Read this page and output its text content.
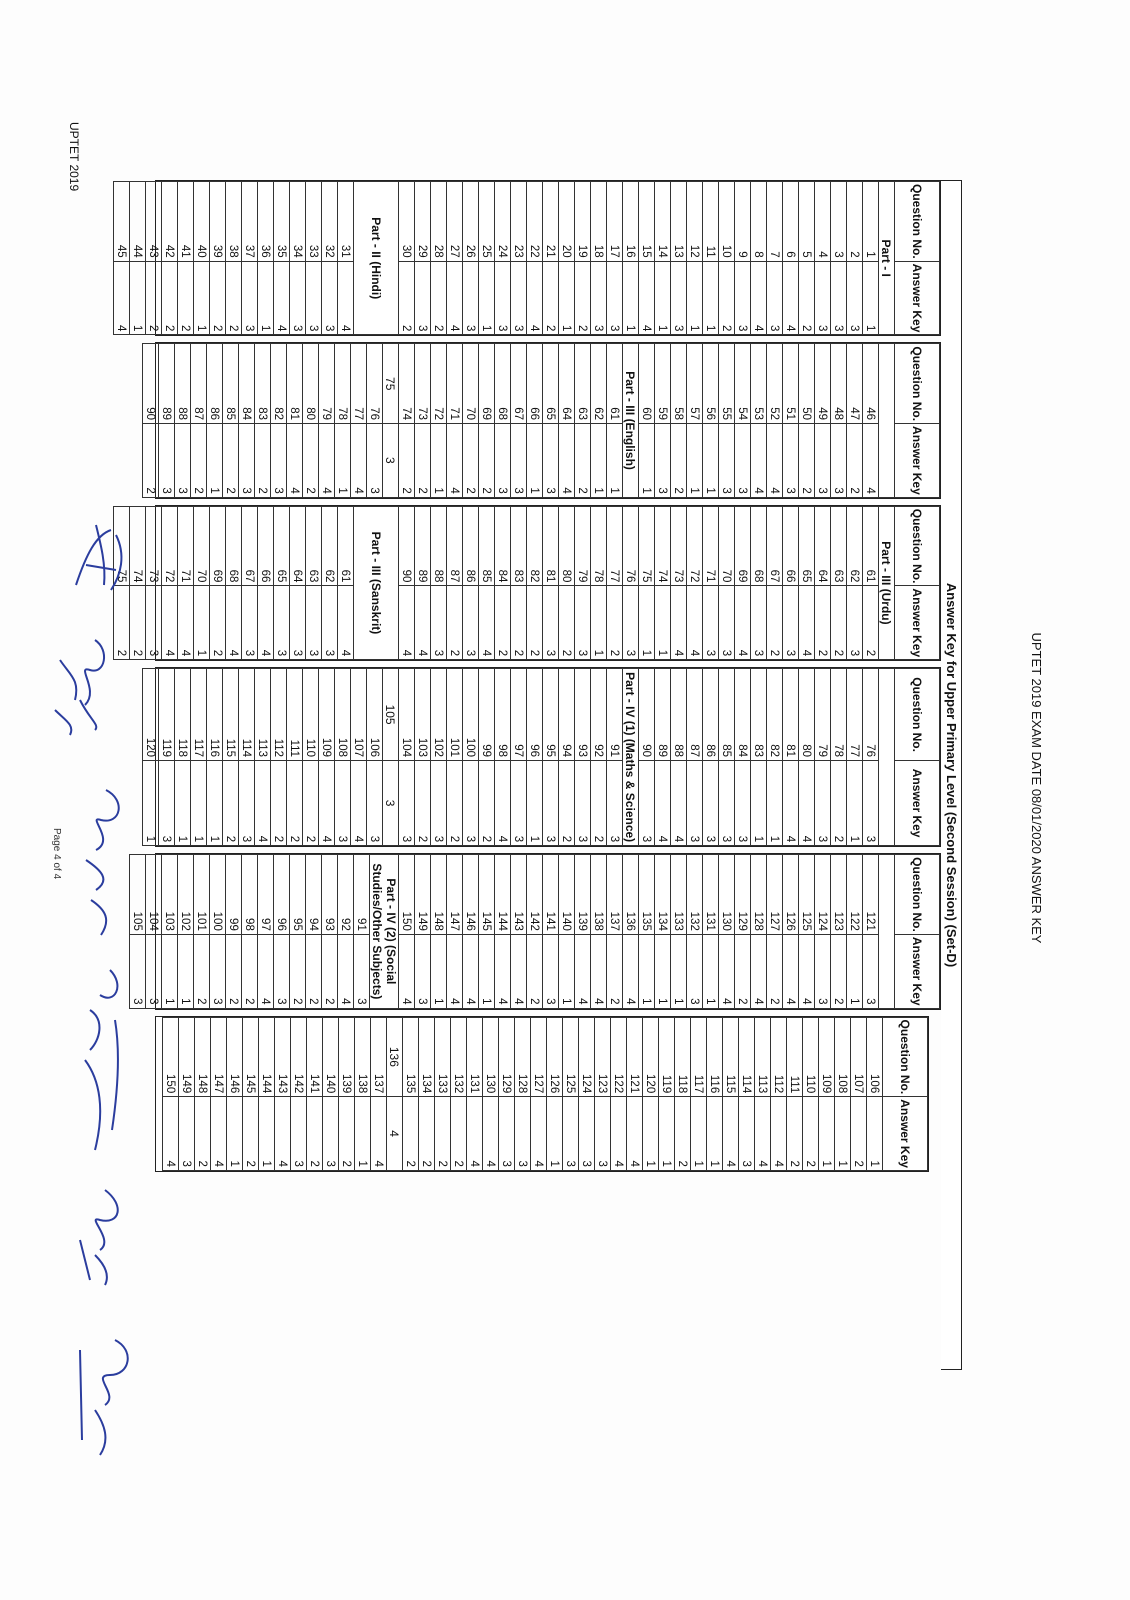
UPTET 2019
UPTET 2019 EXAM DATE 08/01/2020 ANSWER KEY
Answer Key for Upper Primary Level (Second Session) (Set-D)
Question No.	Answer Key
Part - I	
1	1
2	3
3	3
4	3
5	2
6	4
7	3
8	4
9	3
10	2
11	1
12	1
13	3
14	1
15	4
16	1
17	3
18	3
19	2
20	1
21	2
22	4
23	3
24	3
25	1
26	3
27	4
28	2
29	3
30	2
Part - II (Hindi)	
31	4
32	3
33	3
34	3
35	4
36	1
37	3
38	2
39	2
40	1
41	2
42	2
43	2
44	1
45	4
Question No.	Answer Key

46	4
47	2
48	3
49	3
50	2
51	3
52	4
53	4
54	3
55	3
56	1
57	1
58	2
59	3
60	1
Part - III (English)	
61	1
62	1
63	2
64	4
65	3
66	1
67	3
68	3
69	2
70	2
71	4
72	1
73	2
74	2
75	3
76	3
77	4
78	1
79	4
80	2
81	4
82	3
83	2
84	3
85	2
86	1
87	2
88	3
89	3
90	2
Question No.	Answer Key
Part - III (Urdu)	
61	2
62	3
63	2
64	2
65	4
66	3
67	2
68	3
69	4
70	3
71	3
72	4
73	4
74	1
75	1
76	3
77	2
78	1
79	3
80	2
81	3
82	2
83	2
84	2
85	4
86	3
87	2
88	3
89	4
90	4
Part - III (Sanskrit)	
61	4
62	3
63	3
64	3
65	3
66	4
67	3
68	4
69	2
70	1
71	4
72	4
73	3
74	2
75	2
Question No.	Answer Key

76	3
77	1
78	2
79	3
80	4
81	4
82	1
83	1
84	3
85	3
86	3
87	3
88	4
89	4
90	3
Part - IV (1) (Maths & Science)	
91	3
92	2
93	3
94	2
95	3
96	1
97	3
98	4
99	2
100	3
101	2
102	3
103	2
104	3
105	3
106	3
107	4
108	3
109	4
110	2
111	2
112	2
113	4
114	3
115	2
116	1
117	1
118	1
119	3
120	1
Question No.	Answer Key

121	3
122	1
123	2
124	3
125	4
126	4
127	2
128	4
129	2
130	4
131	1
132	3
133	1
134	1
135	1
136	4
137	2
138	4
139	4
140	1
141	3
142	2
143	4
144	4
145	1
146	4
147	4
148	1
149	3
150	4

Part - IV (2) (Social
Studies/Other Subjects)	

91	3
92	4
93	2
94	2
95	2
96	3
97	4
98	2
99	2
100	3
101	2
102	1
103	1
104	3
105	3
Question No.	Answer Key
106	1
107	2
108	1
109	1
110	2
111	2
112	4
113	4
114	3
115	4
116	1
117	1
118	2
119	1
120	1
121	4
122	4
123	3
124	3
125	3
126	1
127	4
128	3
129	3
130	4
131	4
132	2
133	2
134	2
135	2
136	4
137	4
138	1
139	2
140	3
141	2
142	3
143	4
144	1
145	2
146	1
147	4
148	2
149	3
150	4
Page 4 of 4
